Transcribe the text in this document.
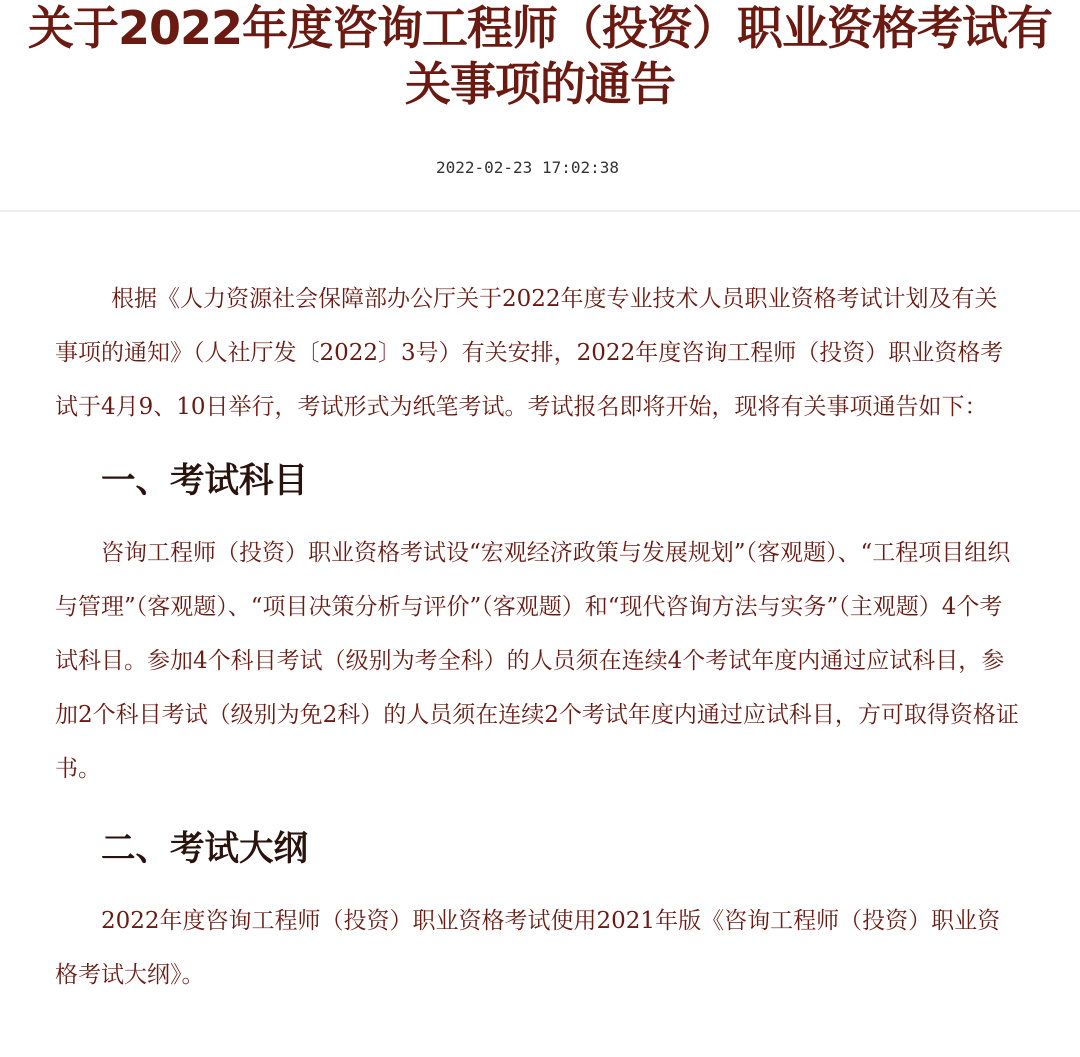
关于2022年度咨询工程师（投资）职业资格考试有
关事项的通告
2022-02-23 17:02:38

根据《人力资源社会保障部办公厅关于2022年度专业技术人员职业资格考试计划及有关事项的通知》（人社厅发〔2022〕3号）有关安排，2022年度咨询工程师（投资）职业资格考试于4月9、10日举行，考试形式为纸笔考试。考试报名即将开始，现将有关事项通告如下：

一、考试科目

咨询工程师（投资）职业资格考试设“宏观经济政策与发展规划”（客观题）、“工程项目组织与管理”（客观题）、“项目决策分析与评价”（客观题）和“现代咨询方法与实务”（主观题）4个考试科目。参加4个科目考试（级别为考全科）的人员须在连续4个考试年度内通过应试科目，参加2个科目考试（级别为免2科）的人员须在连续2个考试年度内通过应试科目，方可取得资格证书。

二、考试大纲

2022年度咨询工程师（投资）职业资格考试使用2021年版《咨询工程师（投资）职业资格考试大纲》。
